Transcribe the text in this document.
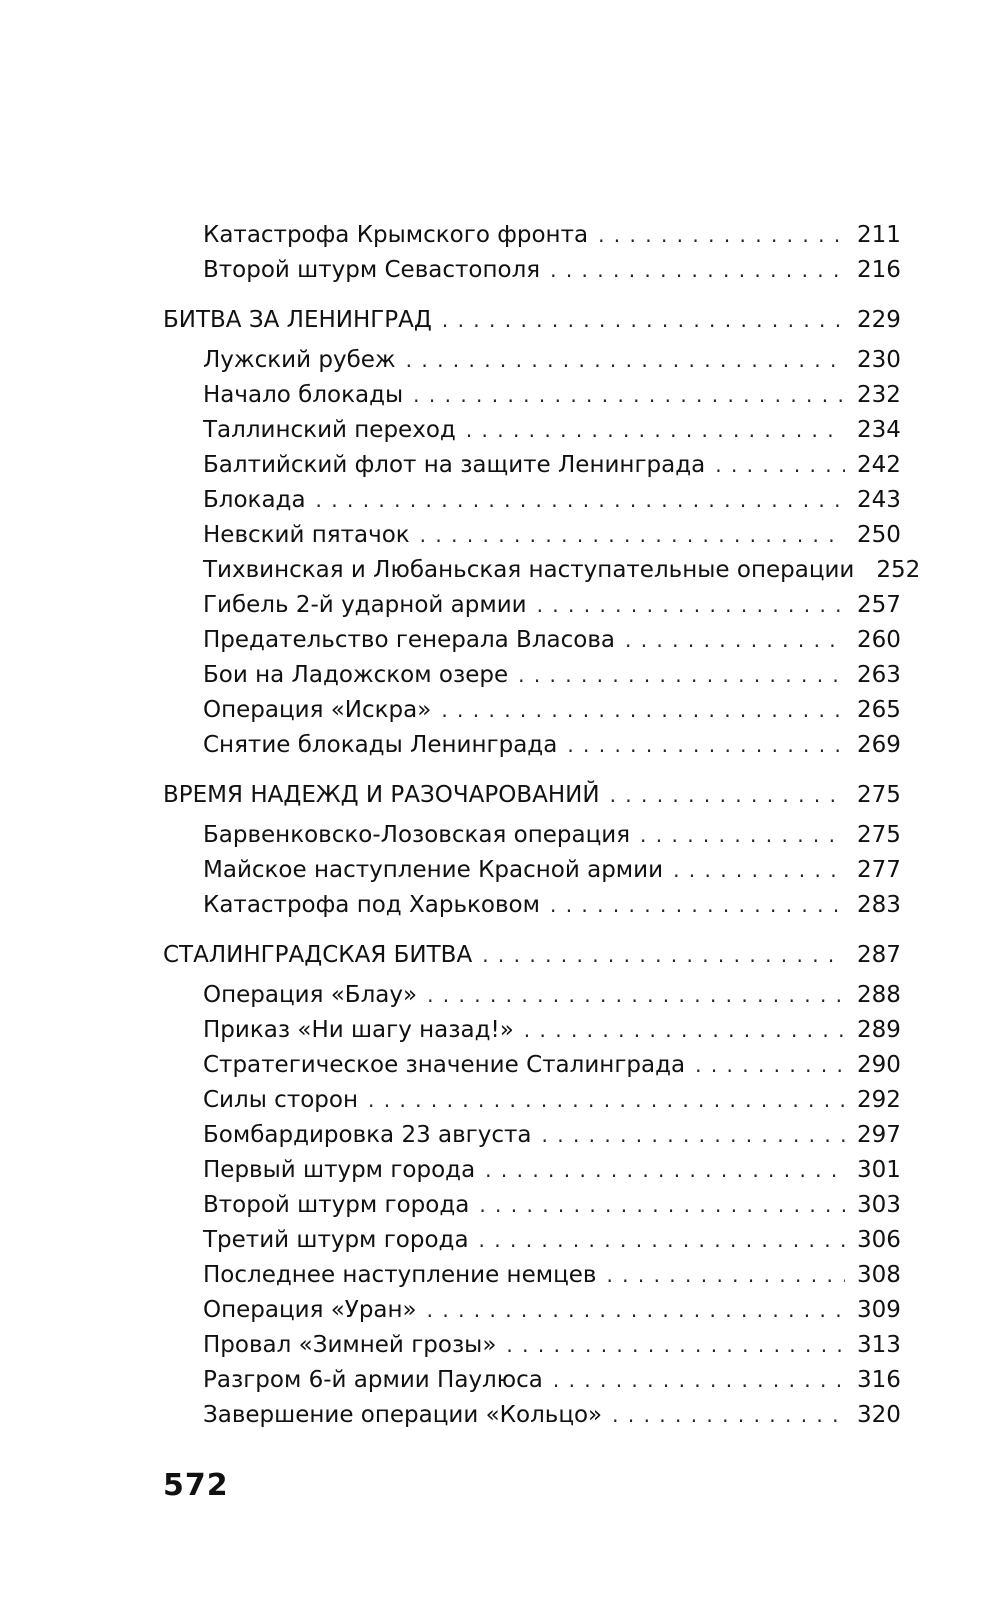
Катастрофа Крымского фронта . . .	211
Второй штурм Севастополя . . .	216
БИТВА ЗА ЛЕНИНГРАД . . .	229
Лужский рубеж . . .	230
Начало блокады . . .	232
Таллинский переход . . .	234
Балтийский флот на защите Ленинграда . . .	242
Блокада . . .	243
Невский пятачок . . .	250
Тихвинская и Любаньская наступательные операции 252
Гибель 2-й ударной армии . . .	257
Предательство генерала Власова . . .	260
Бои на Ладожском озере . . .	263
Операция «Искра» . . .	265
Снятие блокады Ленинграда . . .	269
ВРЕМЯ НАДЕЖД И РАЗОЧАРОВАНИЙ . . .	275
Барвенковско-Лозовская операция . . .	275
Майское наступление Красной армии . . .	277
Катастрофа под Харьковом . . .	283
СТАЛИНГРАДСКАЯ БИТВА . . .	287
Операция «Блау» . . .	288
Приказ «Ни шагу назад!» . . .	289
Стратегическое значение Сталинграда . . .	290
Силы сторон . . .	292
Бомбардировка 23 августа . . .	297
Первый штурм города . . .	301
Второй штурм города . . .	303
Третий штурм города . . .	306
Последнее наступление немцев . . .	308
Операция «Уран» . . .	309
Провал «Зимней грозы» . . .	313
Разгром 6-й армии Паулюса . . .	316
Завершение операции «Кольцо» . . .	320
572
